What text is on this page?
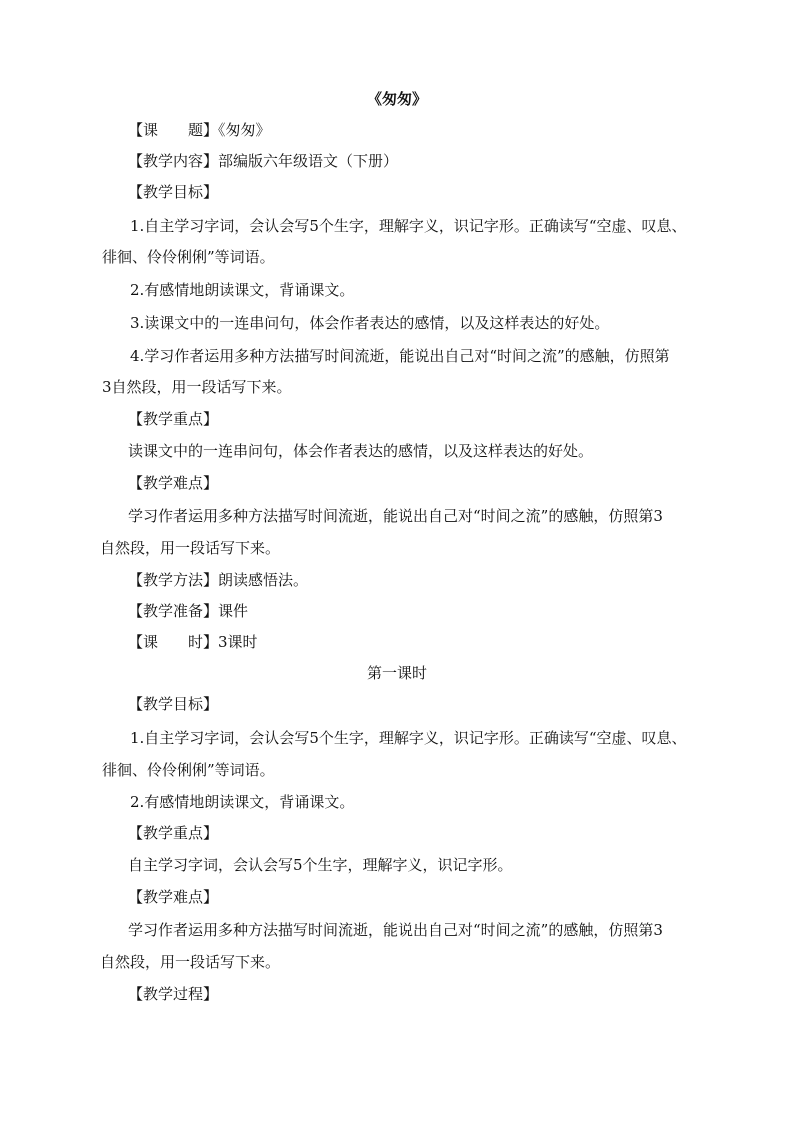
《匆匆》
【课　　题】《匆匆》
【教学内容】部编版六年级语文（下册）
【教学目标】
1.自主学习字词，会认会写5个生字，理解字义，识记字形。正确读写“空虚、叹息、
徘徊、伶伶俐俐”等词语。
2.有感情地朗读课文，背诵课文。
3.读课文中的一连串问句，体会作者表达的感情，以及这样表达的好处。
4.学习作者运用多种方法描写时间流逝，能说出自己对“时间之流”的感触，仿照第
3自然段，用一段话写下来。
【教学重点】
读课文中的一连串问句，体会作者表达的感情，以及这样表达的好处。
【教学难点】
学习作者运用多种方法描写时间流逝，能说出自己对“时间之流”的感触，仿照第3
自然段，用一段话写下来。
【教学方法】朗读感悟法。
【教学准备】课件
【课　　时】3课时
第一课时
【教学目标】
1.自主学习字词，会认会写5个生字，理解字义，识记字形。正确读写“空虚、叹息、
徘徊、伶伶俐俐”等词语。
2.有感情地朗读课文，背诵课文。
【教学重点】
自主学习字词，会认会写5个生字，理解字义，识记字形。
【教学难点】
学习作者运用多种方法描写时间流逝，能说出自己对“时间之流”的感触，仿照第3
自然段，用一段话写下来。
【教学过程】
